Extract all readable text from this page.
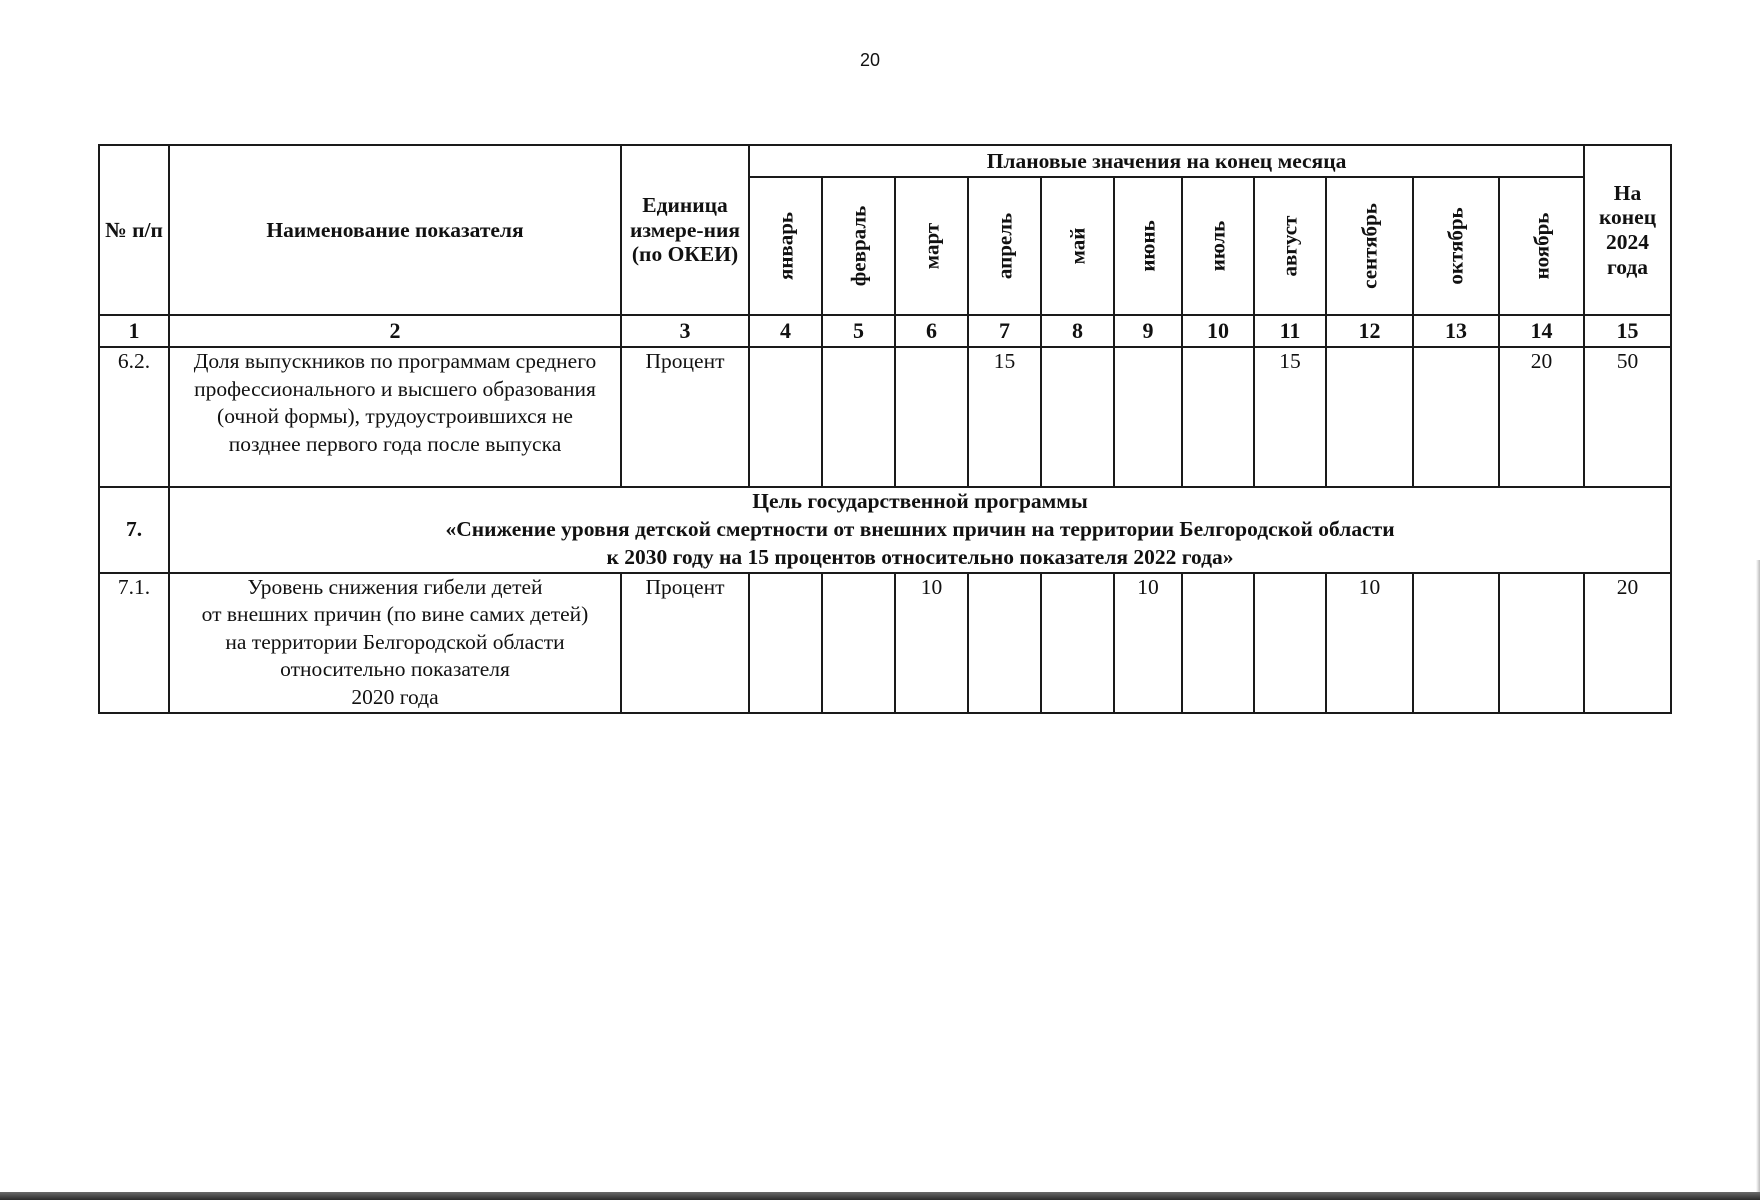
20
№ п/п	Наименование показателя	Единица измере-ния (по ОКЕИ)	Плановые значения на конец месяца											На конец 2024 года

			январь	февраль	март	апрель	май	июнь	июль	август	сентябрь	октябрь	ноябрь	

1	2	3	4	5	6	7	8	9	10	11	12	13	14	15
6.2.	Доля выпускников по программам среднего профессионального и высшего образования (очной формы), трудоустроившихся не позднее первого года после выпуска	Процент				15				15			20	50
7.	Цель государственной программы
«Снижение уровня детской смертности от внешних причин на территории Белгородской области
к 2030 году на 15 процентов относительно показателя 2022 года»													

7.1.	Уровень снижения гибели детей
от внешних причин (по вине самих детей)
на территории Белгородской области
относительно показателя
2020 года	Процент			10			10			10			20
